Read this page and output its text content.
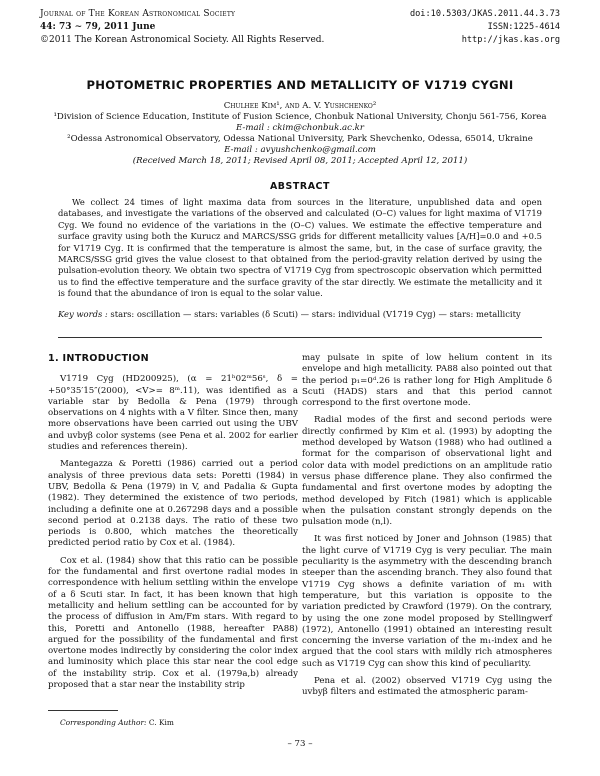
Journal of The Korean Astronomical Society
44: 73 ∼ 79, 2011 June
©2011 The Korean Astronomical Society. All Rights Reserved.
doi:10.5303/JKAS.2011.44.3.73
ISSN:1225-4614
http://jkas.kas.org
PHOTOMETRIC PROPERTIES AND METALLICITY OF V1719 CYGNI
Chulhee Kim¹, and A. V. Yushchenko²
¹Division of Science Education, Institute of Fusion Science, Chonbuk National University, Chonju 561-756, Korea
E-mail : ckim@chonbuk.ac.kr
²Odessa Astronomical Observatory, Odessa National University, Park Shevchenko, Odessa, 65014, Ukraine
E-mail : avyushchenko@gmail.com
(Received March 18, 2011; Revised April 08, 2011; Accepted April 12, 2011)
ABSTRACT
We collect 24 times of light maxima data from sources in the literature, unpublished data and open databases, and investigate the variations of the observed and calculated (O–C) values for light maxima of V1719 Cyg. We found no evidence of the variations in the (O–C) values. We estimate the effective temperature and surface gravity using both the Kurucz and MARCS/SSG grids for different metallicity values [A/H]=0.0 and +0.5 for V1719 Cyg. It is confirmed that the temperature is almost the same, but, in the case of surface gravity, the MARCS/SSG grid gives the value closest to that obtained from the period-gravity relation derived by using the pulsation-evolution theory. We obtain two spectra of V1719 Cyg from spectroscopic observation which permitted us to find the effective temperature and the surface gravity of the star directly. We estimate the metallicity and it is found that the abundance of iron is equal to the solar value.
Key words : stars: oscillation — stars: variables (δ Scuti) — stars: individual (V1719 Cyg) — stars: metallicity
1. INTRODUCTION

V1719 Cyg (HD200925), (α = 21ʰ02ᵐ56ˢ, δ = +50°35′15″(2000), <V>= 8ᵐ.11), was identified as a variable star by Bedolla & Pena (1979) through observations on 4 nights with a V filter. Since then, many more observations have been carried out using the UBV and uvbyβ color systems (see Pena et al. 2002 for earlier studies and references therein).

Mantegazza & Poretti (1986) carried out a period analysis of three previous data sets: Poretti (1984) in UBV, Bedolla & Pena (1979) in V, and Padalia & Gupta (1982). They determined the existence of two periods, including a definite one at 0.267298 days and a possible second period at 0.2138 days. The ratio of these two periods is 0.800, which matches the theoretically predicted period ratio by Cox et al. (1984).

Cox et al. (1984) show that this ratio can be possible for the fundamental and first overtone radial modes in correspondence with helium settling within the envelope of a δ Scuti star. In fact, it has been known that high metallicity and helium settling can be accounted for by the process of diffusion in Am/Fm stars. With regard to this, Poretti and Antonello (1988, hereafter PA88) argued for the possibility of the fundamental and first overtone modes indirectly by considering the color index and luminosity which place this star near the cool edge of the instability strip. Cox et al. (1979a,b) already proposed that a star near the instability strip

may pulsate in spite of low helium content in its envelope and high metallicity. PA88 also pointed out that the period p₁=0ᵈ.26 is rather long for High Amplitude δ Scuti (HADS) stars and that this period cannot correspond to the first overtone mode.

Radial modes of the first and second periods were directly confirmed by Kim et al. (1993) by adopting the method developed by Watson (1988) who had outlined a format for the comparison of observational light and color data with model predictions on an amplitude ratio versus phase difference plane. They also confirmed the fundamental and first overtone modes by adopting the method developed by Fitch (1981) which is applicable when the pulsation constant strongly depends on the pulsation mode (n,l).

It was first noticed by Joner and Johnson (1985) that the light curve of V1719 Cyg is very peculiar. The main peculiarity is the asymmetry with the descending branch steeper than the ascending branch. They also found that V1719 Cyg shows a definite variation of m₁ with temperature, but this variation is opposite to the variation predicted by Crawford (1979). On the contrary, by using the one zone model proposed by Stellingwerf (1972), Antonello (1991) obtained an interesting result concerning the inverse variation of the m₁-index and he argued that the cool stars with mildly rich atmospheres such as V1719 Cyg can show this kind of peculiarity.

Pena et al. (2002) observed V1719 Cyg using the uvbyβ filters and estimated the atmospheric param-

Corresponding Author: C. Kim
– 73 –
